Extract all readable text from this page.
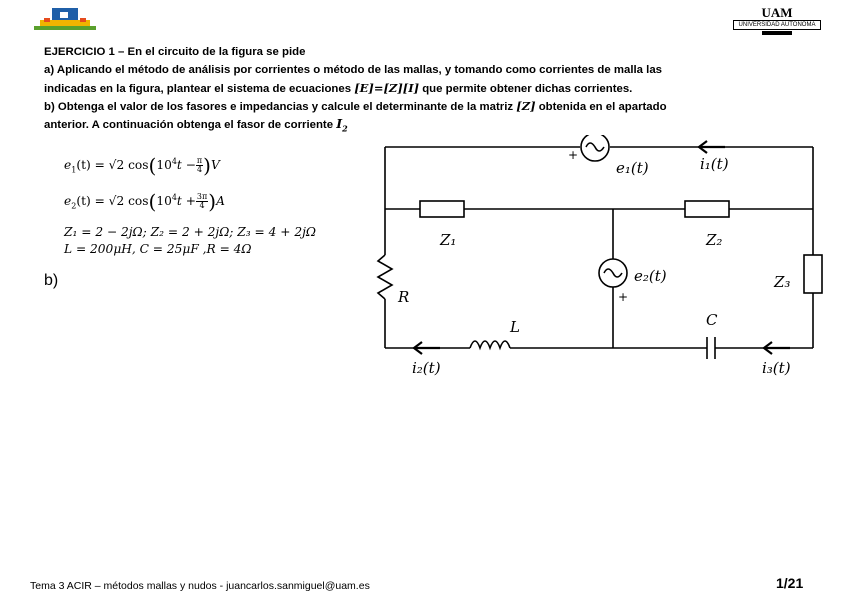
UAM
UNIVERSIDAD AUTONOMA
EJERCICIO 1 – En el circuito de la figura se pide
a) Aplicando el método de análisis por corrientes o método de las mallas, y tomando como corrientes de malla las
indicadas en la figura, plantear el sistema de ecuaciones [E]=[Z][I] que permite obtener dichas corrientes.
b) Obtenga el valor de los fasores e impedancias y calcule el determinante de la matriz [Z] obtenida en el apartado
anterior. A continuación obtenga el fasor de corriente $I_2$
$e_1(t) = √2$ $\cos(10^4t - \frac{\pi}{4} )V$
$e_2(t) = √2$ $\cos(10^4t + \frac{3\pi}{4} )A$
Z₁ = 2 − 2jΩ; Z₂ = 2 + 2jΩ; Z₃ = 4 + 2jΩ
L = 200μH, C = 25μF ,R = 4Ω
b)
+
e₁(t)	i₁(t)
Z₁	Z₂
Z₃
e₂(t)
+
R
L	C
i₂(t)	i₃(t)
Tema 3 ACIR – métodos mallas y nudos - juancarlos.sanmiguel@uam.es	1/21
